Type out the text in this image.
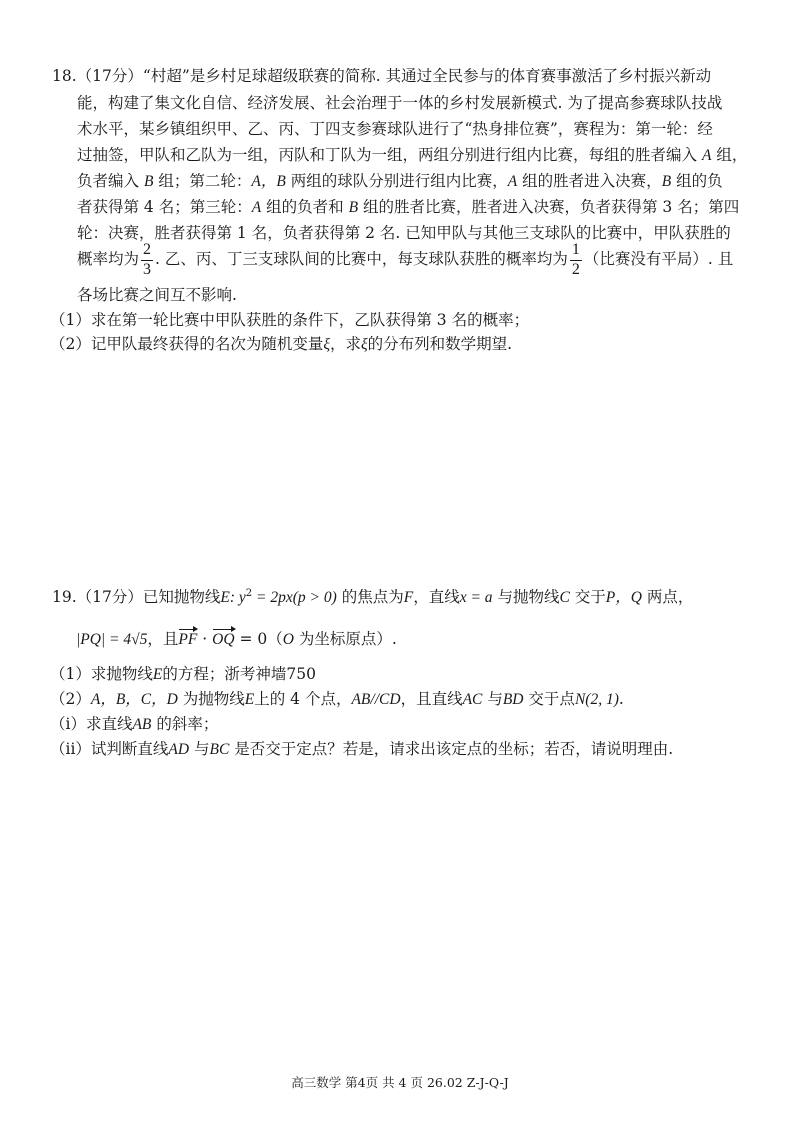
18.（17分）“村超”是乡村足球超级联赛的简称. 其通过全民参与的体育赛事激活了乡村振兴新动
能，构建了集文化自信、经济发展、社会治理于一体的乡村发展新模式. 为了提高参赛球队技战
术水平，某乡镇组织甲、乙、丙、丁四支参赛球队进行了“热身排位赛”，赛程为：第一轮：经
过抽签，甲队和乙队为一组，丙队和丁队为一组，两组分别进行组内比赛，每组的胜者编入 A 组，
负者编入 B 组；第二轮：A，B 两组的球队分别进行组内比赛，A 组的胜者进入决赛，B 组的负
者获得第 4 名；第三轮：A 组的负者和 B 组的胜者比赛，胜者进入决赛，负者获得第 3 名；第四
轮：决赛，胜者获得第 1 名，负者获得第 2 名. 已知甲队与其他三支球队的比赛中，甲队获胜的
概率均为 $\frac{2}{3}$ . 乙、丙、丁三支球队间的比赛中，每支球队获胜的概率均为 $\frac{1}{2}$ （比赛没有平局）. 且
各场比赛之间互不影响.
（1）求在第一轮比赛中甲队获胜的条件下，乙队获得第 3 名的概率；
（2）记甲队最终获得的名次为随机变量ξ，求ξ的分布列和数学期望.
19.（17分）已知抛物线E: $y^2 = 2px(p > 0)$ 的焦点为F，直线x = a 与抛物线C 交于P，Q 两点，
|PQ| = 4√5，且PF · OQ = 0（O 为坐标原点）.
（1）求抛物线E的方程；浙考神墙750
（2）A，B，C，D 为抛物线E上的 4 个点，AB//CD，且直线AC 与BD 交于点N(2, 1).
（i）求直线AB 的斜率；
（ii）试判断直线AD 与BC 是否交于定点？若是，请求出该定点的坐标；若否，请说明理由.
高三数学 第4页 共 4 页 26.02 Z-J-Q-J
